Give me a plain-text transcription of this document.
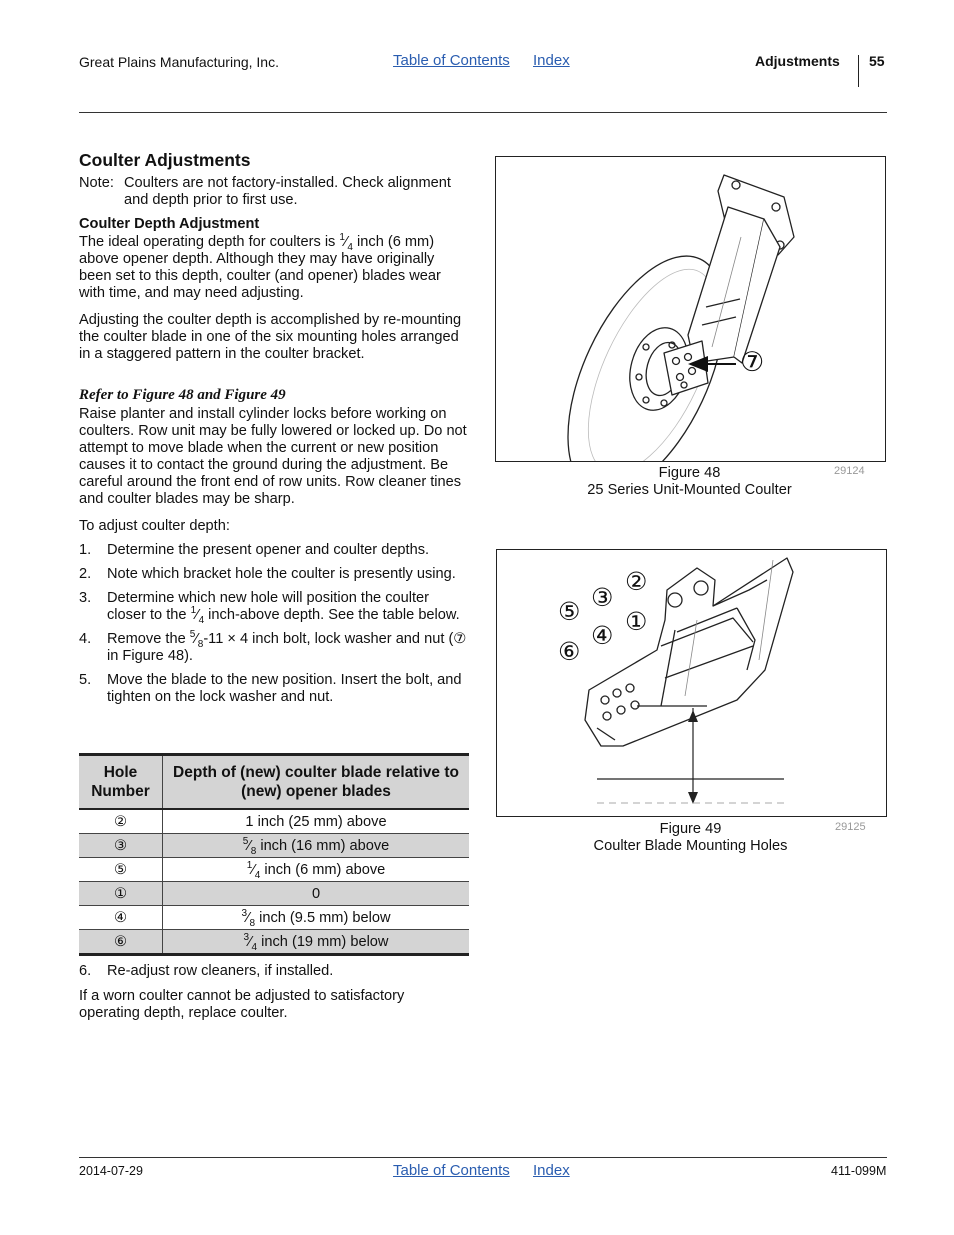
Great Plains Manufacturing, Inc.	Table of Contents Index	Adjustments 55
Coulter Adjustments
Note: Coulters are not factory-installed. Check alignment and depth prior to first use.
Coulter Depth Adjustment

The ideal operating depth for coulters is $^1⁄_4$ inch (6 mm) above opener depth. Although they may have originally been set to this depth, coulter (and opener) blades wear with time, and may need adjusting.

Adjusting the coulter depth is accomplished by re-mounting the coulter blade in one of the six mounting holes arranged in a staggered pattern in the coulter bracket.

Refer to Figure 48 and Figure 49

Raise planter and install cylinder locks before working on coulters. Row unit may be fully lowered or locked up. Do not attempt to move blade when the current or new position causes it to contact the ground during the adjustment. Be careful around the front end of row units. Row cleaner tines and coulter blades may be sharp.

To adjust coulter depth:

1.	Determine the present opener and coulter depths.
2.	Note which bracket hole the coulter is presently using.
3.	Determine which new hole will position the coulter closer to the $^1⁄_4$ inch-above depth. See the table below.
4.	Remove the $^5⁄_8-11 \times 4$ inch bolt, lock washer and nut (⑦ in Figure 48).
5.	Move the blade to the new position. Insert the bolt, and tighten on the lock washer and nut.
Hole Number	Depth of (new) coulter blade relative to (new) opener blades
②	1 inch (25 mm) above
③	$^5⁄_8$ inch (16 mm) above
⑤	$^1⁄_4$ inch (6 mm) above
①	0
④	$^3⁄_8$ inch (9.5 mm) below
⑥	$^3⁄_4$ inch (19 mm) below
6.	Re-adjust row cleaners, if installed.

If a worn coulter cannot be adjusted to satisfactory operating depth, replace coulter.

⑦
Figure 48
25 Series Unit-Mounted Coulter
29124
②
③
①
⑤
④
⑥
Figure 49
Coulter Blade Mounting Holes
29125
2014-07-29	Table of Contents Index	411-099M
